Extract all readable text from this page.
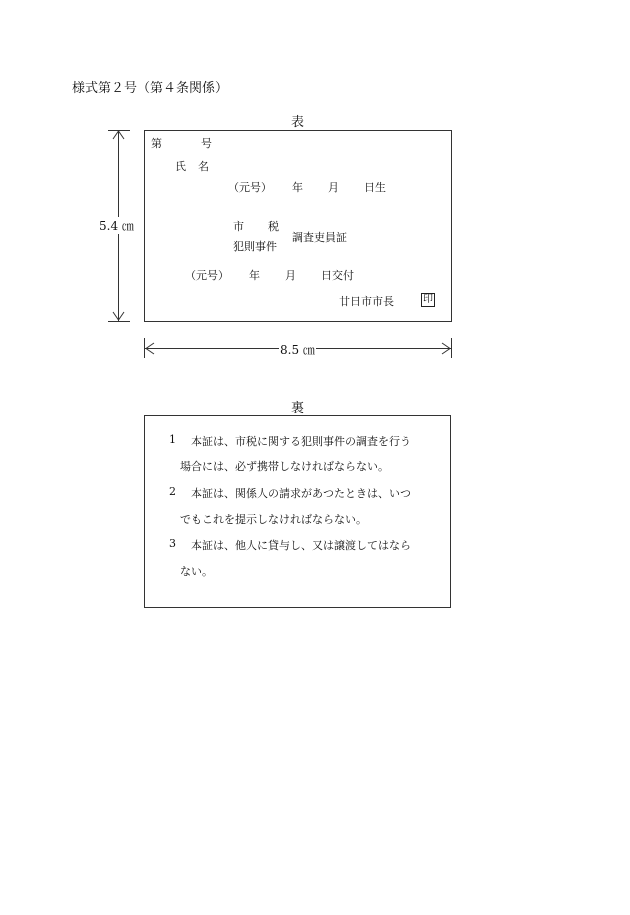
様式第２号（第４条関係）
表
第	号
氏 名
（元号） 年 月 日生
市 税
犯則事件
調査吏員証
（元号） 年 月 日交付
廿日市市長	印
5.4 ㎝
8.5 ㎝
裏
1 本証は、市税に関する犯則事件の調査を行う
場合には、必ず携帯しなければならない。
2 本証は、関係人の請求があつたときは、いつ
でもこれを提示しなければならない。
3 本証は、他人に貸与し、又は譲渡してはなら
ない。
